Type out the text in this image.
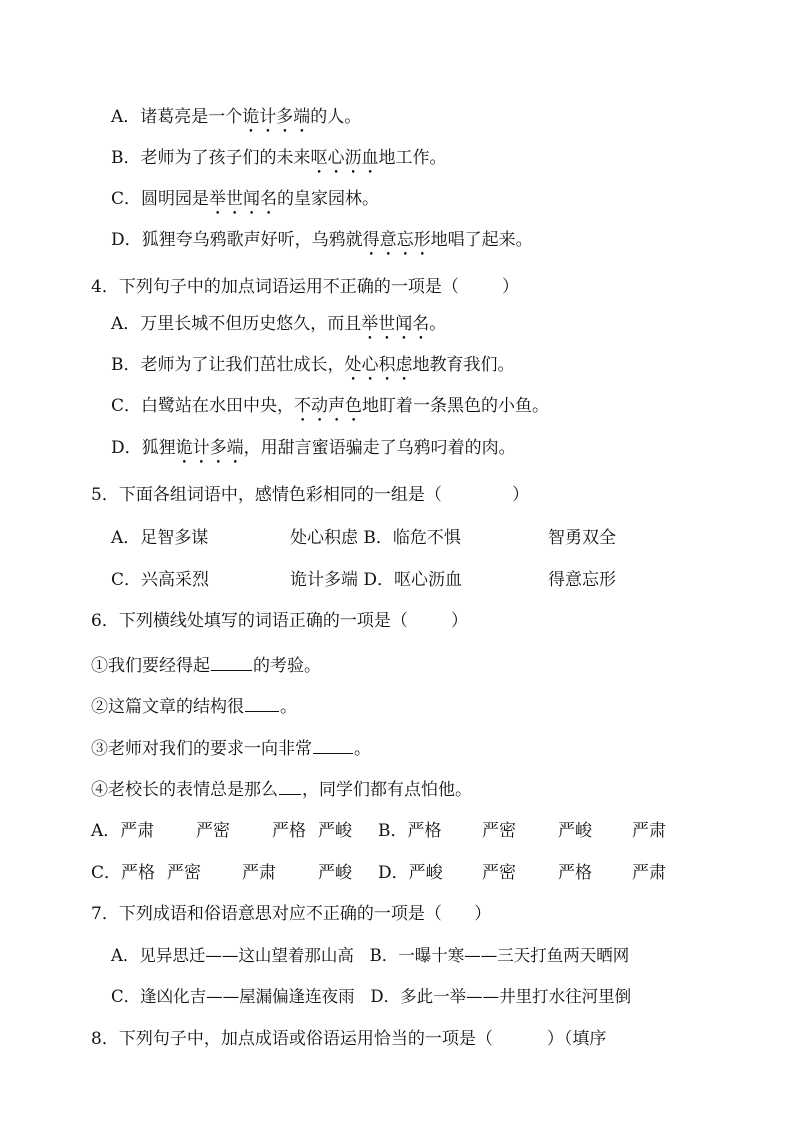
A．诸葛亮是一个诡计多端的人。
B．老师为了孩子们的未来呕心沥血地工作。
C．圆明园是举世闻名的皇家园林。
D．狐狸夸乌鸦歌声好听，乌鸦就得意忘形地唱了起来。
4．下列句子中的加点词语运用不正确的一项是（        ）
A．万里长城不但历史悠久，而且举世闻名。
B．老师为了让我们茁壮成长，处心积虑地教育我们。
C．白鹭站在水田中央，不动声色地盯着一条黑色的小鱼。
D．狐狸诡计多端，用甜言蜜语骗走了乌鸦叼着的肉。
5．下面各组词语中，感情色彩相同的一组是（             ）
A．足智多谋	处心积虑 B．临危不惧	智勇双全
C．兴高采烈	诡计多端 D．呕心沥血	得意忘形
6．下列横线处填写的词语正确的一项是（        ）
①我们要经得起	的考验。
②这篇文章的结构很 。
③老师对我们的要求一向非常 。
④老校长的表情总是那么 ，同学们都有点怕他。
A．严肃 严密 严格 严峻 B．严格 严密 严峻 严肃
C．严格 严密 严肃 严峻 D．严峻 严密 严格 严肃
7．下列成语和俗语意思对应不正确的一项是（      ）
A．见异思迁——这山望着那山高   B．一曝十寒——三天打鱼两天晒网
C．逢凶化吉——屋漏偏逢连夜雨   D．多此一举——井里打水往河里倒
8．下列句子中，加点成语或俗语运用恰当的一项是（          ）（填序
